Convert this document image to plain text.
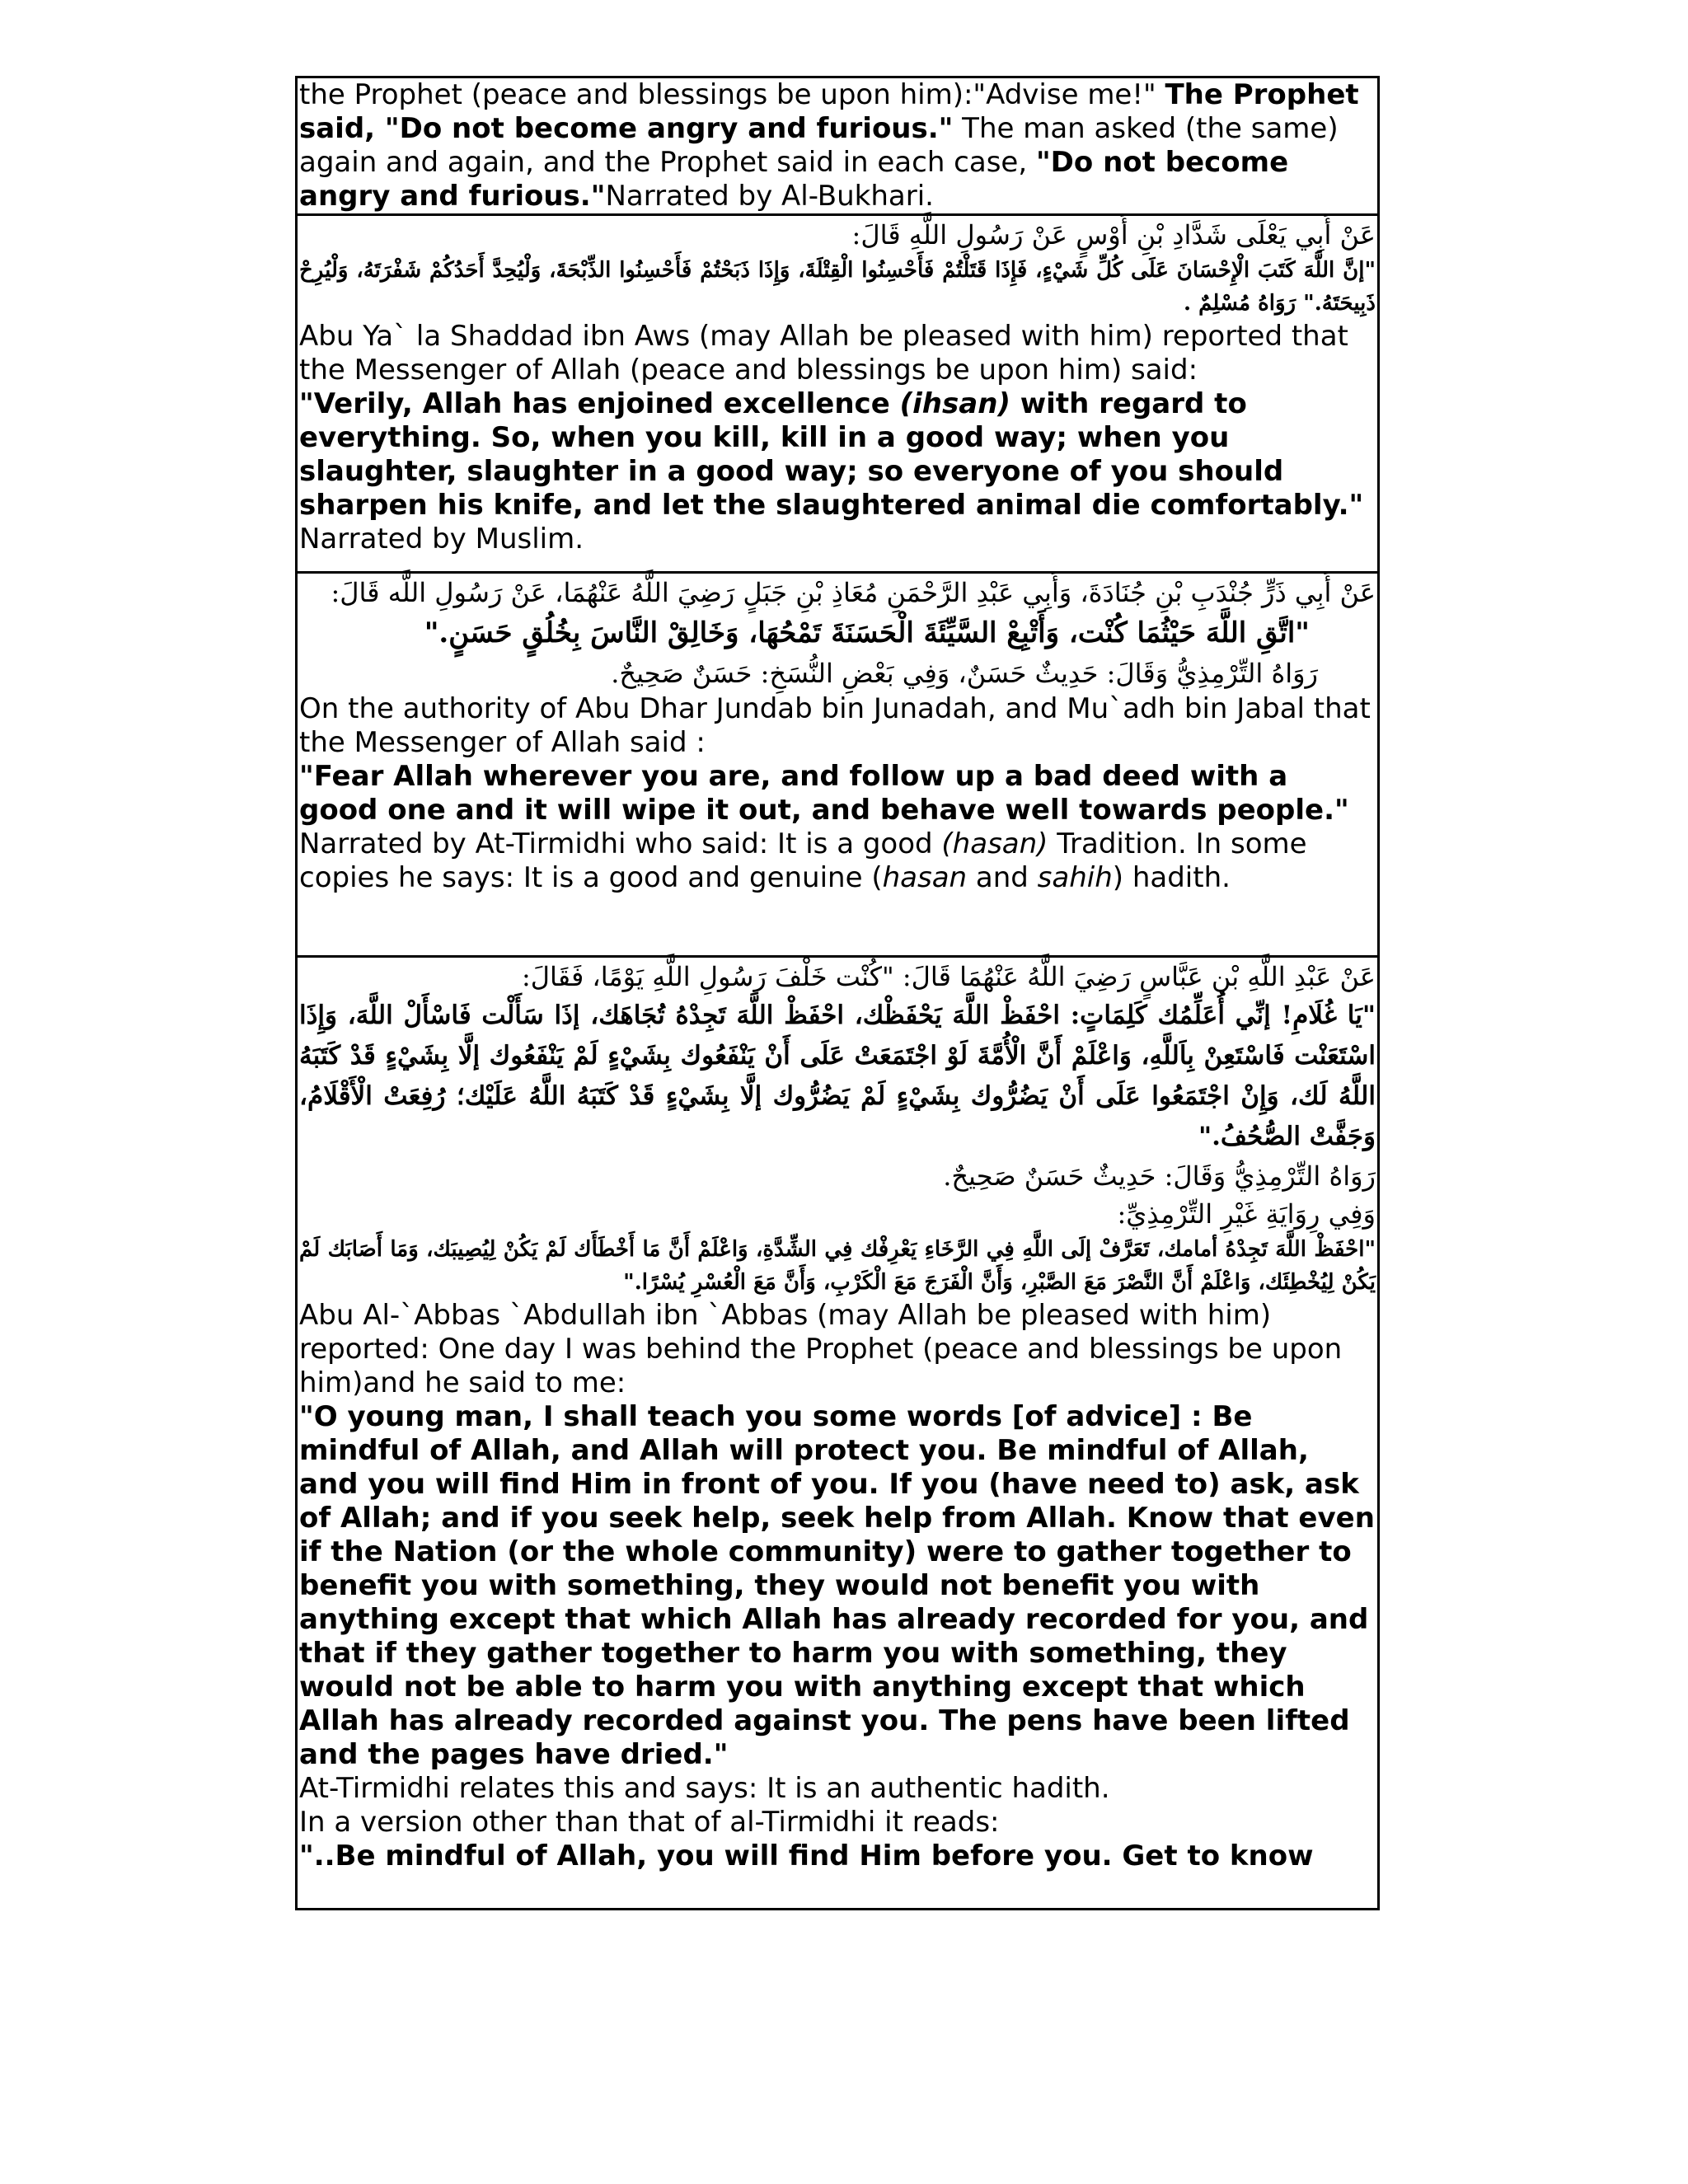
the Prophet (peace and blessings be upon him):"Advise me!" The Prophet said, "Do not become angry and furious." The man asked (the same) again and again, and the Prophet said in each case, "Do not become angry and furious."Narrated by Al-Bukhari.

عَنْ أَبِي يَعْلَى شَدَّادِ بْنِ أَوْسٍ عَنْ رَسُولِ اللَّهِ قَالَ:

"إنَّ اللَّهَ كَتَبَ الْإِحْسَانَ عَلَى كُلِّ شَيْءٍ، فَإِذَا قَتَلْتُمْ فَأَحْسِنُوا الْقِتْلَةَ، وَإِذَا ذَبَحْتُمْ فَأَحْسِنُوا الذِّبْحَةَ، وَلْيُحِدَّ أَحَدُكُمْ شَفْرَتَهُ، وَلْيُرِحْ ذَبِيحَتَهُ." رَوَاهُ مُسْلِمٌ .

Abu Ya` la Shaddad ibn Aws (may Allah be pleased with him) reported that the Messenger of Allah (peace and blessings be upon him) said:

"Verily, Allah has enjoined excellence (ihsan) with regard to everything. So, when you kill, kill in a good way; when you slaughter, slaughter in a good way; so everyone of you should sharpen his knife, and let the slaughtered animal die comfortably."

Narrated by Muslim.

عَنْ أَبِي ذَرٍّ جُنْدَبِ بْنِ جُنَادَةَ، وَأَبِي عَبْدِ الرَّحْمَنِ مُعَاذِ بْنِ جَبَلٍ رَضِيَ اللَّهُ عَنْهُمَا، عَنْ رَسُولِ اللَّه قَالَ:

"اتَّقِ اللَّهَ حَيْثُمَا كُنْت، وَأَتْبِعْ السَّيِّئَةَ الْحَسَنَةَ تَمْحُهَا، وَخَالِقْ النَّاسَ بِخُلُقٍ حَسَنٍ."

رَوَاهُ التِّرْمِذِيُّ وَقَالَ: حَدِيثٌ حَسَنٌ، وَفِي بَعْضِ النُّسَخِ: حَسَنٌ صَحِيحٌ.

On the authority of Abu Dhar Jundab bin Junadah, and Mu`adh bin Jabal that the Messenger of Allah said :

"Fear Allah wherever you are, and follow up a bad deed with a good one and it will wipe it out, and behave well towards people."

Narrated by At-Tirmidhi who said: It is a good (hasan) Tradition. In some copies he says: It is a good and genuine (hasan and sahih) hadith.

عَنْ عَبْدِ اللَّهِ بْنِ عَبَّاسٍ رَضِيَ اللَّهُ عَنْهُمَا قَالَ: "كُنْت خَلْفَ رَسُولِ اللَّهِ يَوْمًا، فَقَالَ:

"يَا غُلَامِ! إنِّي أُعَلِّمُك كَلِمَاتٍ: احْفَظْ اللَّهَ يَحْفَظْك، احْفَظْ اللَّهَ تَجِدْهُ تُجَاهَك، إذَا سَأَلْت فَاسْأَلْ اللَّهَ، وَإِذَا اسْتَعَنْت فَاسْتَعِنْ بِاَللَّهِ، وَاعْلَمْ أَنَّ الْأُمَّةَ لَوْ اجْتَمَعَتْ عَلَى أَنْ يَنْفَعُوك بِشَيْءٍ لَمْ يَنْفَعُوك إلَّا بِشَيْءٍ قَدْ كَتَبَهُ اللَّهُ لَك، وَإِنْ اجْتَمَعُوا عَلَى أَنْ يَضُرُّوك بِشَيْءٍ لَمْ يَضُرُّوك إلَّا بِشَيْءٍ قَدْ كَتَبَهُ اللَّهُ عَلَيْك؛ رُفِعَتْ الْأَقْلَامُ، وَجَفَّتْ الصُّحُفُ."

رَوَاهُ التِّرْمِذِيُّ وَقَالَ: حَدِيثٌ حَسَنٌ صَحِيحٌ.

وَفِي رِوَايَةِ غَيْرِ التِّرْمِذِيِّ:

"احْفَظْ اللَّهَ تَجِدْهُ أمامك، تَعَرَّفْ إلَى اللَّهِ فِي الرَّخَاءِ يَعْرِفْك فِي الشِّدَّةِ، وَاعْلَمْ أَنَّ مَا أَخْطَأَك لَمْ يَكُنْ لِيُصِيبَك، وَمَا أَصَابَك لَمْ يَكُنْ لِيُخْطِئَك، وَاعْلَمْ أَنَّ النَّصْرَ مَعَ الصَّبْرِ، وَأَنَّ الْفَرَجَ مَعَ الْكَرْبِ، وَأَنَّ مَعَ الْعُسْرِ يُسْرًا."

Abu Al-`Abbas `Abdullah ibn `Abbas (may Allah be pleased with him) reported: One day I was behind the Prophet (peace and blessings be upon him)and he said to me:

"O young man, I shall teach you some words [of advice] : Be mindful of Allah, and Allah will protect you. Be mindful of Allah, and you will find Him in front of you. If you (have need to) ask, ask of Allah; and if you seek help, seek help from Allah. Know that even if the Nation (or the whole community) were to gather together to benefit you with something, they would not benefit you with anything except that which Allah has already recorded for you, and that if they gather together to harm you with something, they would not be able to harm you with anything except that which Allah has already recorded against you. The pens have been lifted and the pages have dried."

At-Tirmidhi relates this and says: It is an authentic hadith.

In a version other than that of al-Tirmidhi it reads:

"..Be mindful of Allah, you will find Him before you. Get to know
